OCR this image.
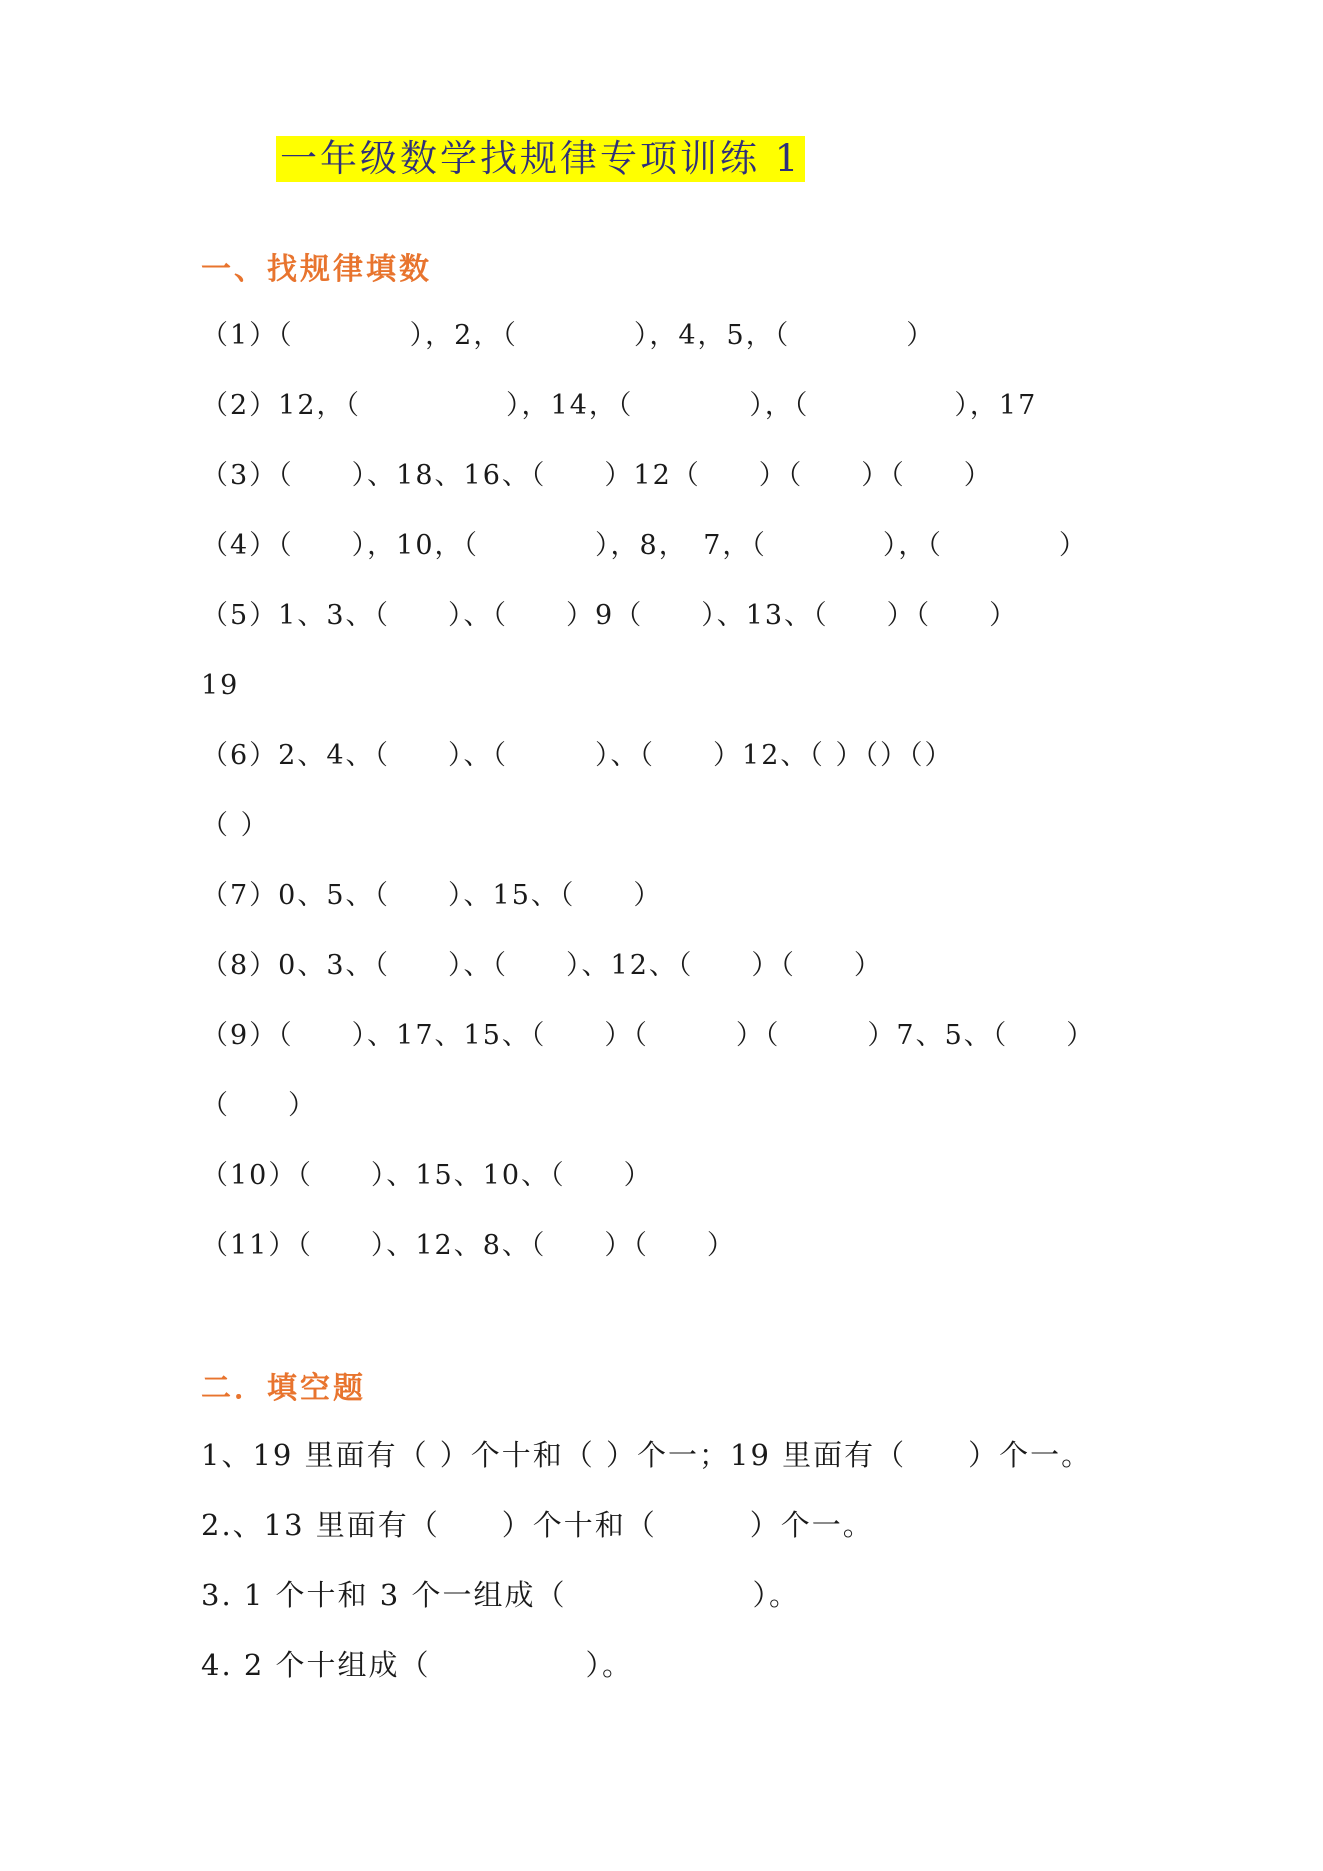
一年级数学找规律专项训练 1
一、找规律填数
（1）（　　　　），2，（　　　　），4，5，（　　　　）
（2）12，（　　　　　），14，（　　　　），（　　　　　），17
（3）（　　）、18、16、（　　）12（　　）（　　）（　　）
（4）（　　），10，（　　　　），8，　7，（　　　　），（　　　　）
（5）1、3、（　　）、（　　）9（　　）、13、（　　）（　　）
19
（6）2、4、（　　）、（　　　）、（　　）12、（ ）（）（）
（ ）
（7）0、5、（　　）、15、（　　）
（8）0、3、（　　）、（　　）、12、（　　）（　　）
（9）（　　）、17、15、（　　）（　　　）（　　　）7、5、（　　）
（　　）
（10）（　　）、15、10、（　　）
（11）（　　）、12、8、（　　）（　　）
二．填空题
1、19 里面有（ ）个十和（ ）个一；19 里面有（　　）个一。
2.、13 里面有（　　）个十和（　　　）个一。
3. 1 个十和 3 个一组成（　　　　　　）。
4. 2 个十组成（　　　　　）。
